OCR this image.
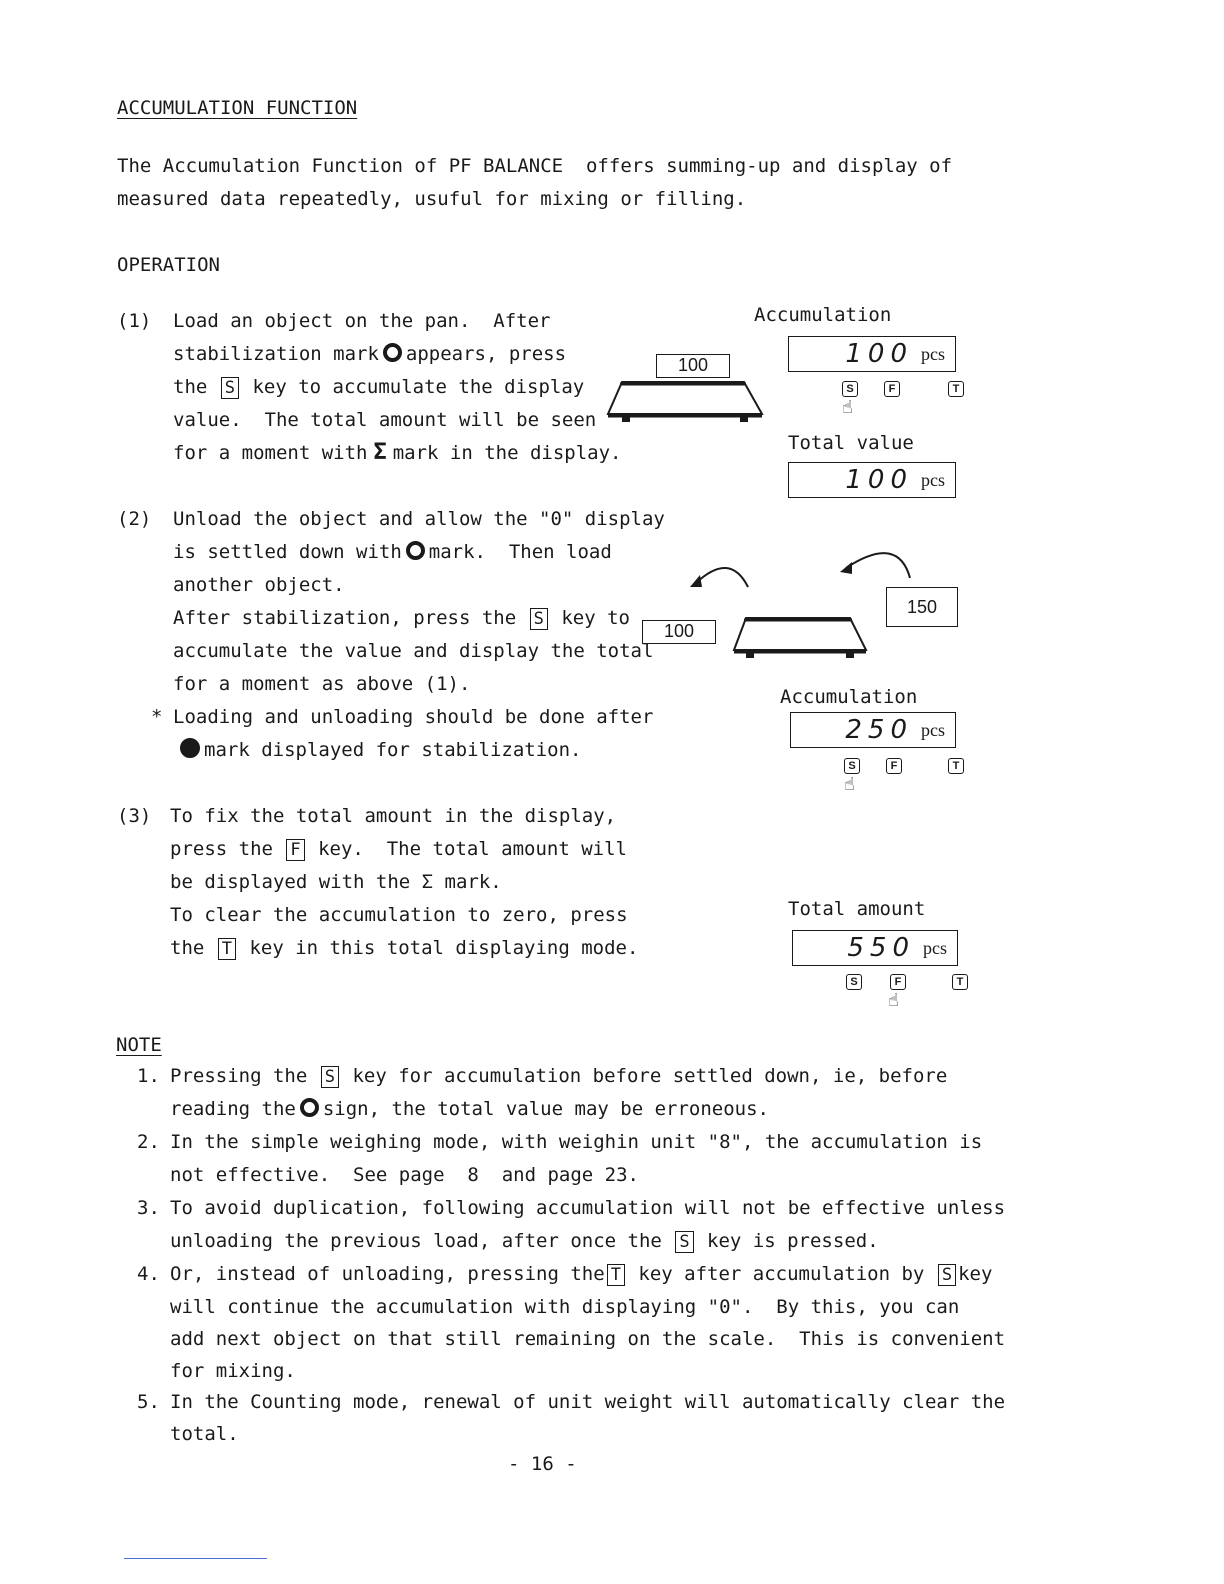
ACCUMULATION FUNCTION
The Accumulation Function of PF BALANCE  offers summing-up and display of
measured data repeatedly, usuful for mixing or filling.
OPERATION
(1) Load an object on the pan.  After
stabilization mark appears, press
the S key to accumulate the display
value.  The total amount will be seen
for a moment with Σ mark in the display.
(2) Unload the object and allow the "0" display
is settled down with mark.  Then load
another object.
After stabilization, press the S key to
accumulate the value and display the total
for a moment as above (1).
* Loading and unloading should be done after
mark displayed for stabilization.
(3) To fix the total amount in the display,
press the F key.  The total amount will
be displayed with the Σ mark.
To clear the accumulation to zero, press
the T key in this total displaying mode.
100
Accumulation
100 pcs
S	F	T
☝
Total value
100 pcs
100
150
Accumulation
250 pcs
S	F	T
☝
Total amount
550 pcs
S	F	T
☝
NOTE
1. Pressing the S key for accumulation before settled down, ie, before
reading the sign, the total value may be erroneous.
2. In the simple weighing mode, with weighin unit "8", the accumulation is
not effective.  See page  8  and page 23.
3. To avoid duplication, following accumulation will not be effective unless
unloading the previous load, after once the S key is pressed.
4. Or, instead of unloading, pressing the T key after accumulation by S key
will continue the accumulation with displaying "0".  By this, you can
add next object on that still remaining on the scale.  This is convenient
for mixing.
5. In the Counting mode, renewal of unit weight will automatically clear the
total.
- 16 -
